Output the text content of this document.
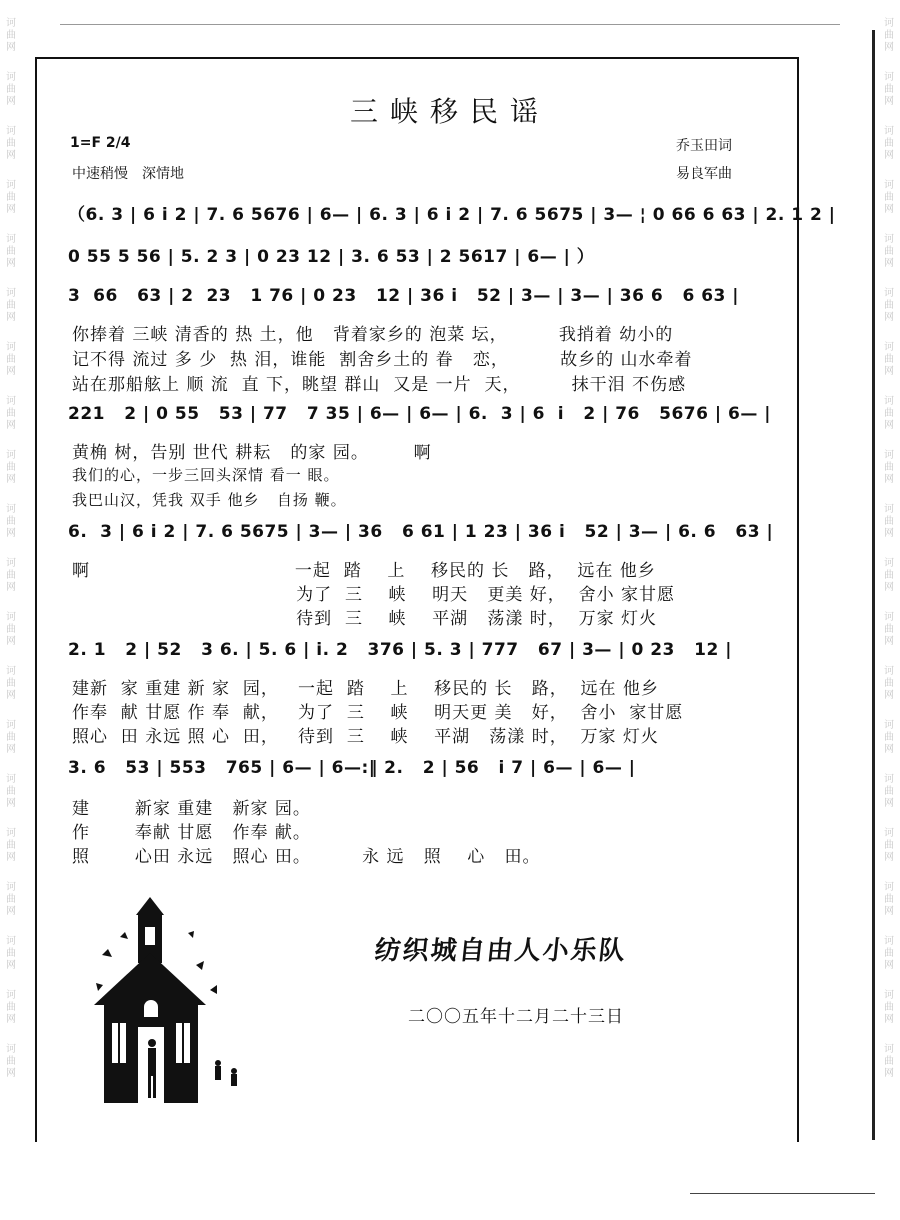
诃曲网
诃曲网
诃曲网
诃曲网
诃曲网
诃曲网
诃曲网
诃曲网
诃曲网
诃曲网
诃曲网
诃曲网
诃曲网
诃曲网
诃曲网
诃曲网
诃曲网
诃曲网
诃曲网
诃曲网
诃曲网
诃曲网
诃曲网
诃曲网
诃曲网
诃曲网
诃曲网
诃曲网
诃曲网
诃曲网
诃曲网
诃曲网
诃曲网
诃曲网
诃曲网
诃曲网
诃曲网
诃曲网
诃曲网
诃曲网
三峡移民谣
1=F 2/4
中速稍慢　深情地
乔玉田词
易良军曲
（6. 3 | 6 i 2 | 7. 6 5676 | 6— | 6. 3 | 6 i 2 | 7. 6 5675 | 3— ¦ 0 66 6 63 | 2. 1 2 |
0 55 5 56 | 5. 2 3 | 0 23 12 | 3. 6 53 | 2 5617 | 6— | ）
3  66   63 | 2  23   1 76 | 0 23   12 | 36 i   52 | 3— | 3— | 36 6   6 63 |
你捧着 三峡 清香的 热 土，他   背着家乡的 泡菜 坛，        我捎着 幼小的
记不得 流过 多 少  热 泪，谁能  割舍乡土的 眷   恋，        故乡的 山水牵着
站在那船舷上 顺 流  直 下，眺望 群山  又是 一片  天，        抹干泪 不伤感
221   2 | 0 55   53 | 77   7 35 | 6— | 6— | 6.  3 | 6  i   2 | 76   5676 | 6— |
黄桷 树，告别 世代 耕耘   的家 园。       啊
我们的心，一步三回头深情 看一 眼。
我巴山汉，凭我 双手 他乡   自扬 鞭。
6.  3 | 6 i 2 | 7. 6 5675 | 3— | 36   6 61 | 1 23 | 36 i   52 | 3— | 6. 6   63 |
啊                                一起  踏    上    移民的 长   路，  远在 他乡
为了  三    峡    明天   更美 好，  舍小 家甘愿
待到  三    峡    平湖   荡漾 时，  万家 灯火
2. 1   2 | 52   3 6. | 5. 6 | i. 2   376 | 5. 3 | 777   67 | 3— | 0 23   12 |
建新  家 重建 新 家  园，   一起  踏    上    移民的 长   路，  远在 他乡
作奉  献 甘愿 作 奉  献，   为了  三    峡    明天更 美   好，  舍小  家甘愿
照心  田 永远 照 心  田，   待到  三    峡    平湖   荡漾 时，  万家 灯火
3. 6   53 | 553   765 | 6— | 6—:‖ 2.   2 | 56   i 7 | 6— | 6— |
建       新家 重建   新家 园。
作       奉献 甘愿   作奉 献。
照       心田 永远   照心 田。        永 远   照    心   田。
纺织城自由人小乐队
二〇〇五年十二月二十三日
